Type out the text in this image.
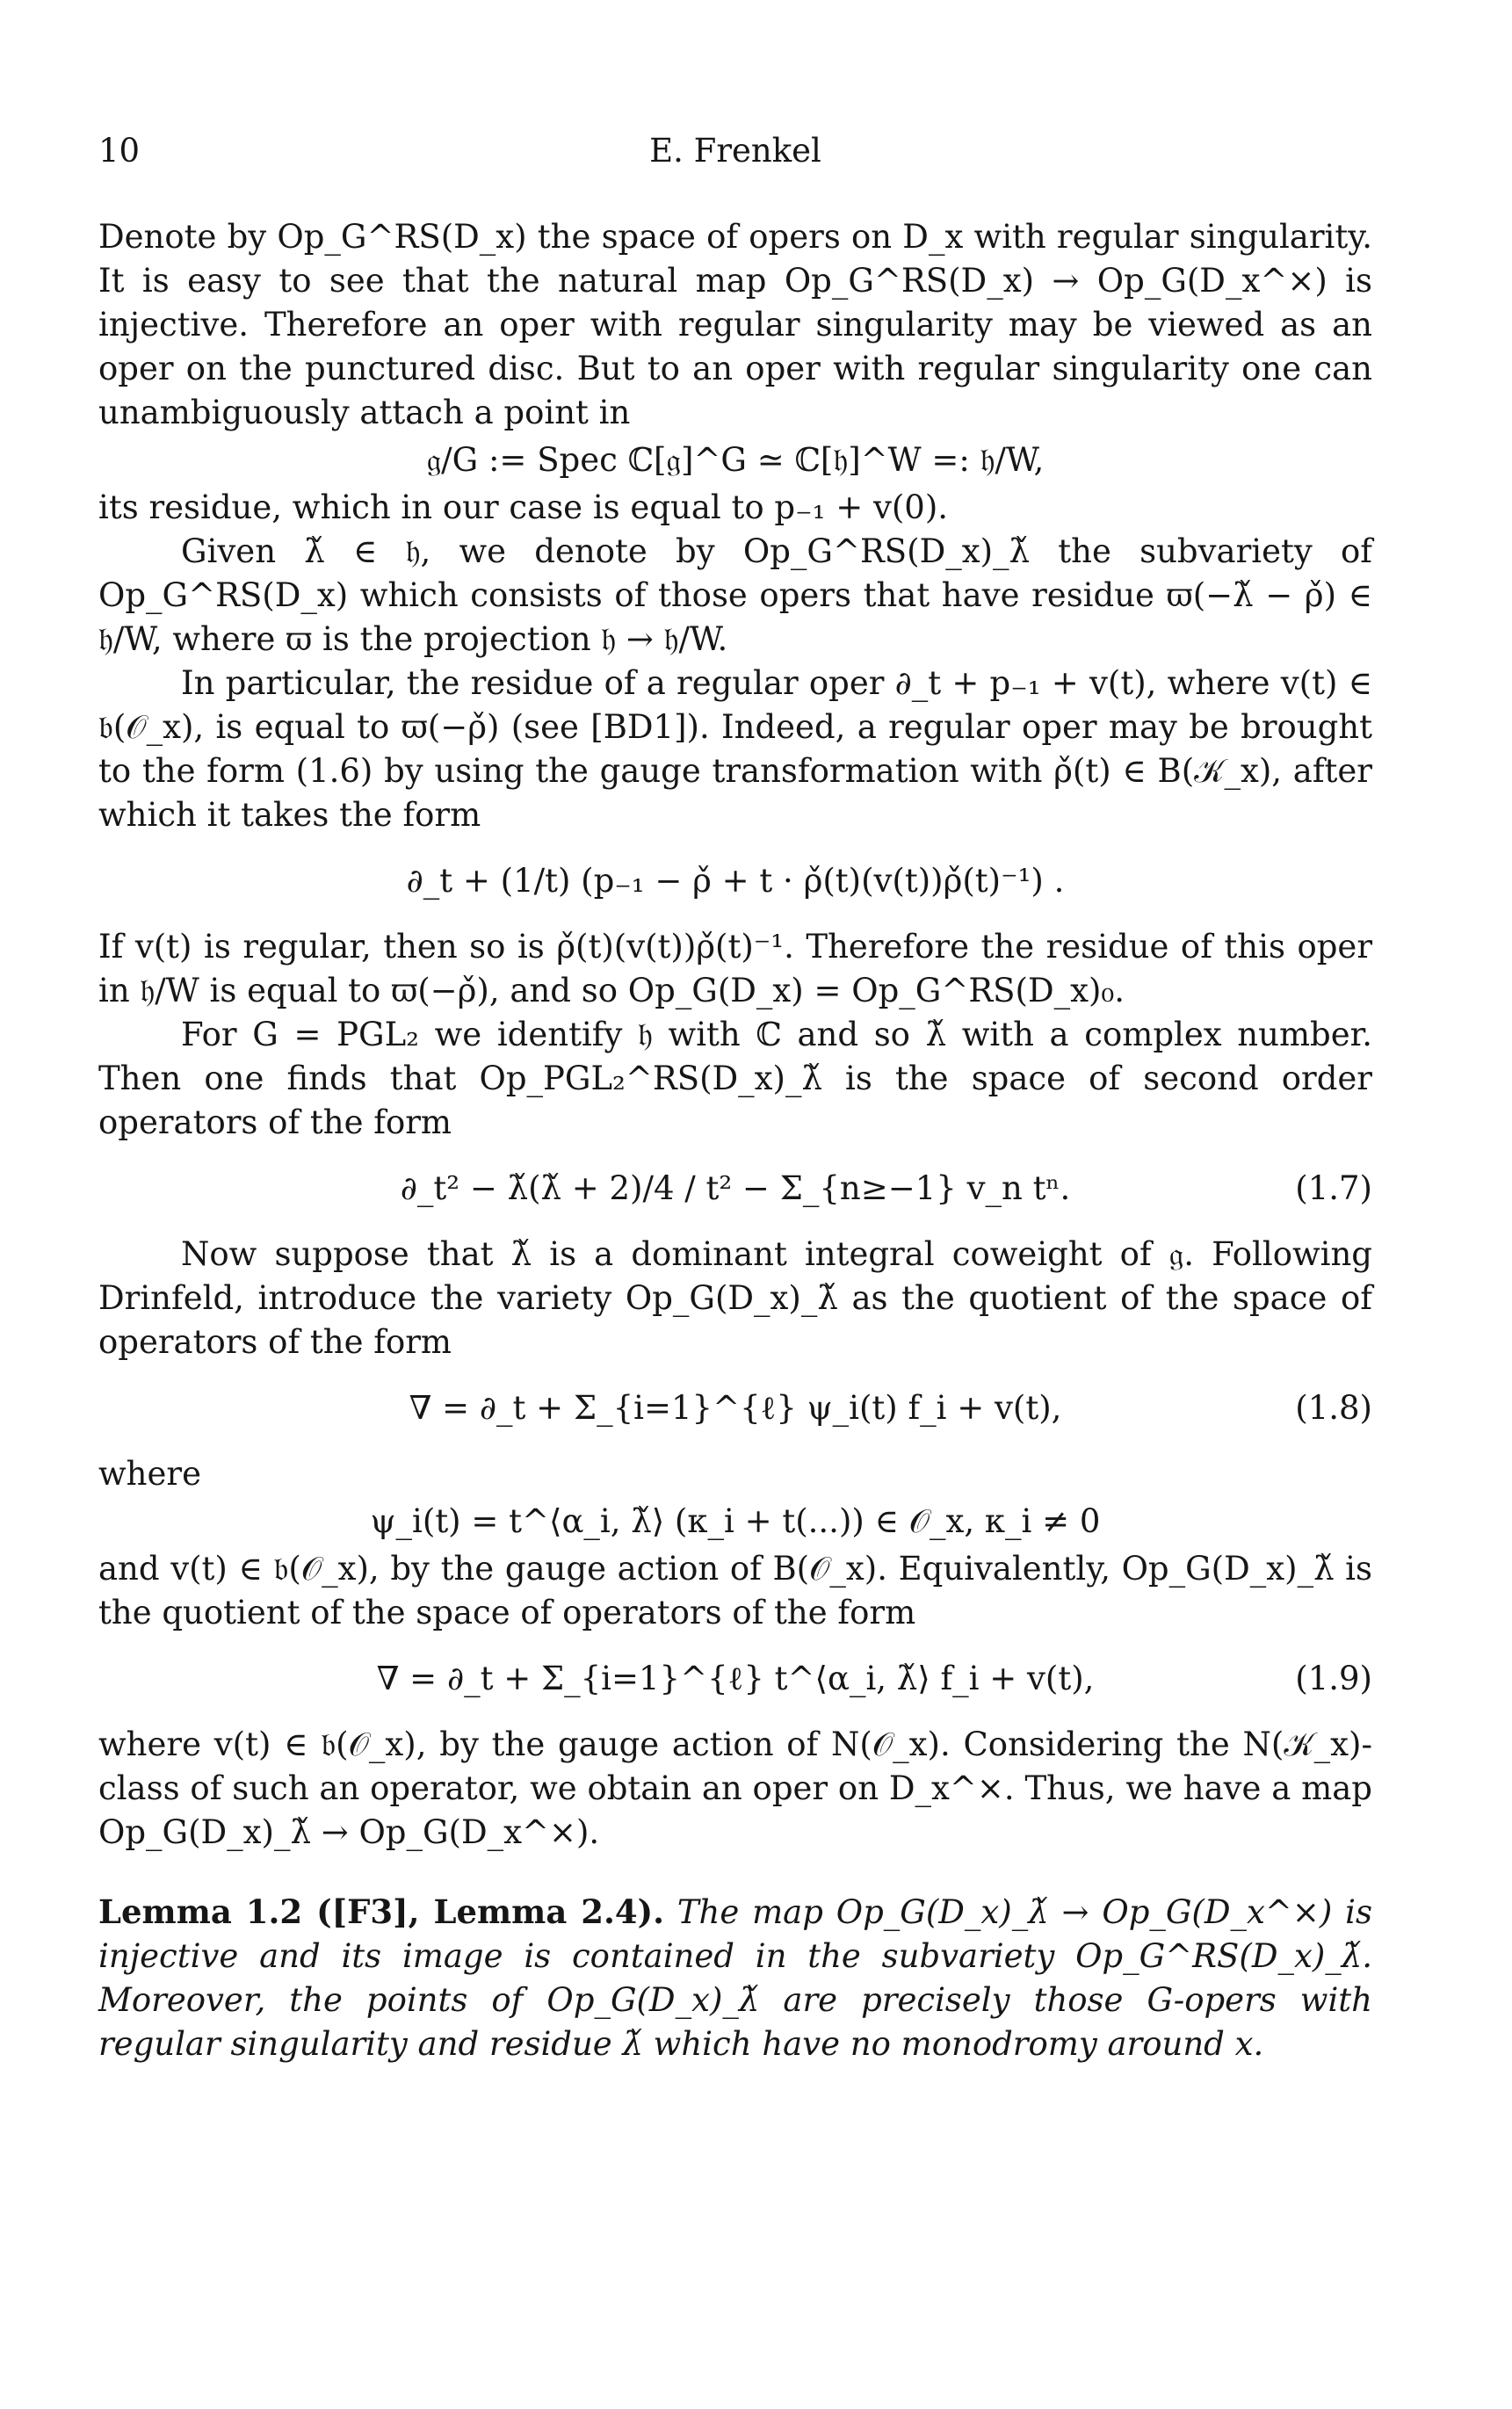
10	E. Frenkel

Denote by Op_G^RS(D_x) the space of opers on D_x with regular singularity. It is easy to see that the natural map Op_G^RS(D_x) → Op_G(D_x^×) is injective. Therefore an oper with regular singularity may be viewed as an oper on the punctured disc. But to an oper with regular singularity one can unambiguously attach a point in

𝔤/G := Spec ℂ[𝔤]^G ≃ ℂ[𝔥]^W =: 𝔥/W,

its residue, which in our case is equal to p₋₁ + v(0).

Given λ̌ ∈ 𝔥, we denote by Op_G^RS(D_x)_λ̌ the subvariety of Op_G^RS(D_x) which consists of those opers that have residue ϖ(−λ̌ − ρ̌) ∈ 𝔥/W, where ϖ is the projection 𝔥 → 𝔥/W.

In particular, the residue of a regular oper ∂_t + p₋₁ + v(t), where v(t) ∈ 𝔟(𝒪_x), is equal to ϖ(−ρ̌) (see [BD1]). Indeed, a regular oper may be brought to the form (1.6) by using the gauge transformation with ρ̌(t) ∈ B(𝒦_x), after which it takes the form

∂_t + (1/t) (p₋₁ − ρ̌ + t · ρ̌(t)(v(t))ρ̌(t)⁻¹) .

If v(t) is regular, then so is ρ̌(t)(v(t))ρ̌(t)⁻¹. Therefore the residue of this oper in 𝔥/W is equal to ϖ(−ρ̌), and so Op_G(D_x) = Op_G^RS(D_x)₀.

For G = PGL₂ we identify 𝔥 with ℂ and so λ̌ with a complex number. Then one finds that Op_PGL₂^RS(D_x)_λ̌ is the space of second order operators of the form

∂_t² − λ̌(λ̌ + 2)/4 / t² − Σ_{n≥−1} v_n tⁿ.	(1.7)

Now suppose that λ̌ is a dominant integral coweight of 𝔤. Following Drinfeld, introduce the variety Op_G(D_x)_λ̌ as the quotient of the space of operators of the form

∇ = ∂_t + Σ_{i=1}^{ℓ} ψ_i(t) f_i + v(t),	(1.8)

where

ψ_i(t) = t^⟨α_i, λ̌⟩ (κ_i + t(...)) ∈ 𝒪_x, κ_i ≠ 0

and v(t) ∈ 𝔟(𝒪_x), by the gauge action of B(𝒪_x). Equivalently, Op_G(D_x)_λ̌ is the quotient of the space of operators of the form

∇ = ∂_t + Σ_{i=1}^{ℓ} t^⟨α_i, λ̌⟩ f_i + v(t),	(1.9)

where v(t) ∈ 𝔟(𝒪_x), by the gauge action of N(𝒪_x). Considering the N(𝒦_x)-class of such an operator, we obtain an oper on D_x^×. Thus, we have a map Op_G(D_x)_λ̌ → Op_G(D_x^×).

Lemma 1.2 ([F3], Lemma 2.4). The map Op_G(D_x)_λ̌ → Op_G(D_x^×) is injective and its image is contained in the subvariety Op_G^RS(D_x)_λ̌. Moreover, the points of Op_G(D_x)_λ̌ are precisely those G-opers with regular singularity and residue λ̌ which have no monodromy around x.
